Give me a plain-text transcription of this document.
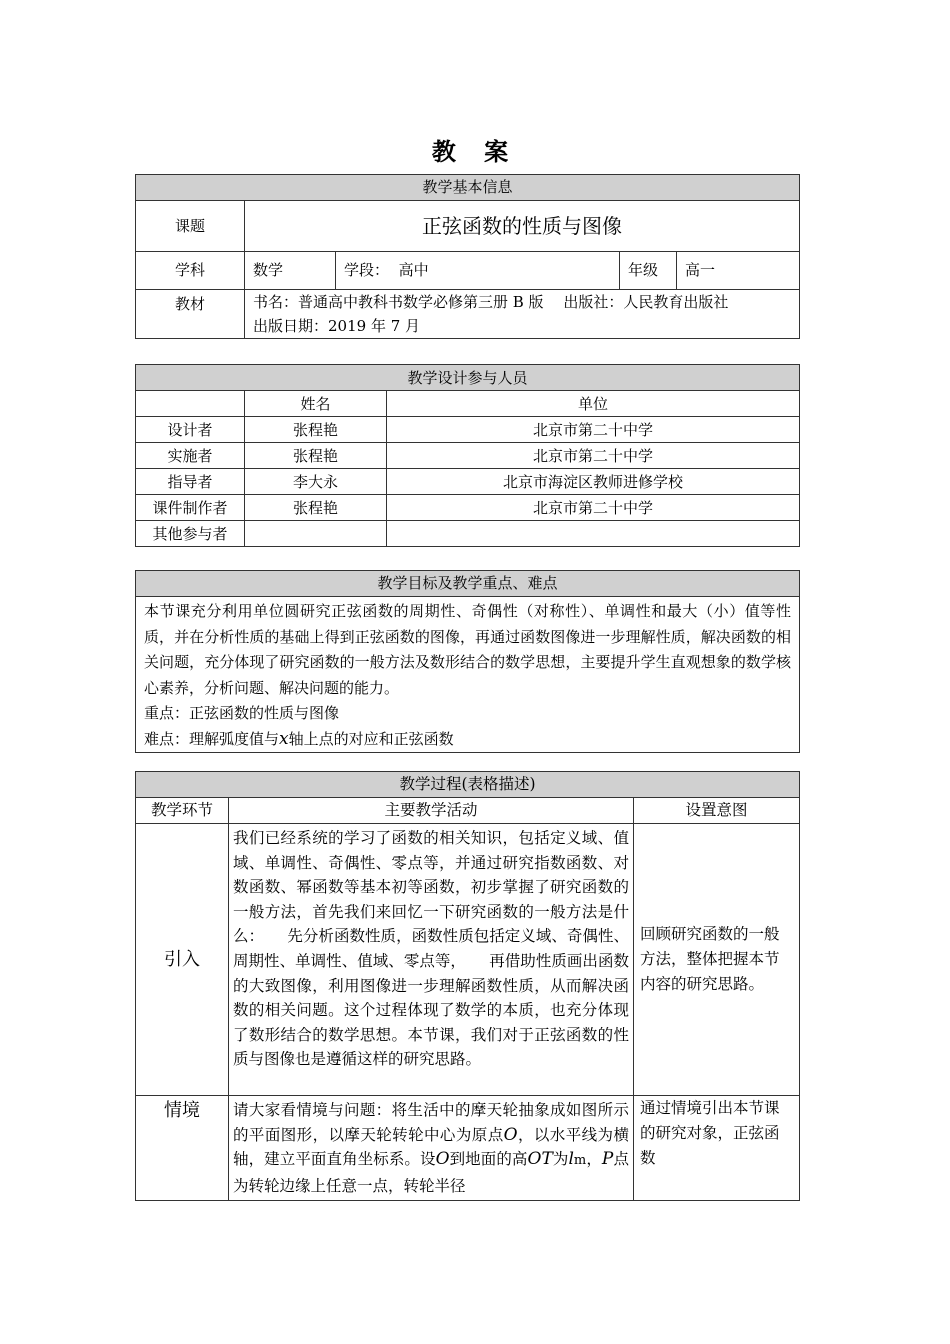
教 案
教学基本信息				
课题	正弦函数的性质与图像			
学科	数学	学段： 高中	年级	高一
教材	书名：普通高中教科书数学必修第三册 B 版　 出版社：人民教育出版社
出版日期：2019 年 7 月			
教学设计参与人员		
	姓名	单位
设计者	张程艳	北京市第二十中学
实施者	张程艳	北京市第二十中学
指导者	李大永	北京市海淀区教师进修学校
课件制作者	张程艳	北京市第二十中学
其他参与者		
教学目标及教学重点、难点

本节课充分利用单位圆研究正弦函数的周期性、奇偶性（对称性）、单调性和最大（小）值等性质，并在分析性质的基础上得到正弦函数的图像，再通过函数图像进一步理解性质，解决函数的相关问题，充分体现了研究函数的一般方法及数形结合的数学思想，主要提升学生直观想象的数学核心素养，分析问题、解决问题的能力。
重点：正弦函数的性质与图像
难点：理解弧度值与x轴上点的对应和正弦函数
教学过程(表格描述)		
教学环节	主要教学活动	设置意图
引入	我们已经系统的学习了函数的相关知识，包括定义域、值域、单调性、奇偶性、零点等，并通过研究指数函数、对数函数、幂函数等基本初等函数，初步掌握了研究函数的一般方法，首先我们来回忆一下研究函数的一般方法是什么：　　先分析函数性质，函数性质包括定义域、奇偶性、周期性、单调性、值域、零点等，　　再借助性质画出函数的大致图像，利用图像进一步理解函数性质，从而解决函数的相关问题。这个过程体现了数学的本质，也充分体现了数形结合的数学思想。本节课，我们对于正弦函数的性质与图像也是遵循这样的研究思路。	回顾研究函数的一般方法，整体把握本节内容的研究思路。
情境	请大家看情境与问题：将生活中的摩天轮抽象成如图所示的平面图形，以摩天轮转轮中心为原点O，以水平线为横轴，建立平面直角坐标系。设O到地面的高OT为lm，P点为转轮边缘上任意一点，转轮半径	通过情境引出本节课的研究对象，正弦函数
